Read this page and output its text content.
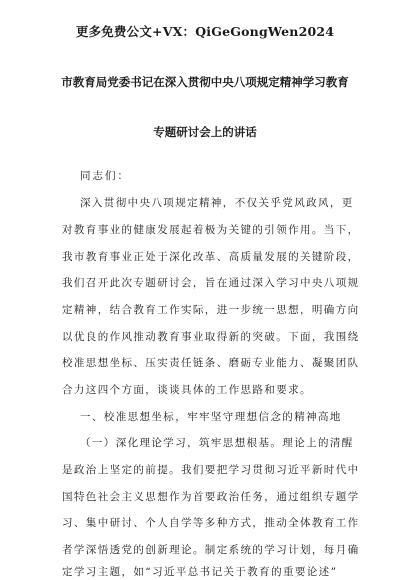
更多免费公文+VX：QiGeGongWen2024
市教育局党委书记在深入贯彻中央八项规定精神学习教育
专题研讨会上的讲话
同志们：
深入贯彻中央八项规定精神，不仅关乎党风政风，更
对教育事业的健康发展起着极为关键的引领作用。当下，
我市教育事业正处于深化改革、高质量发展的关键阶段，
我们召开此次专题研讨会，旨在通过深入学习中央八项规
定精神，结合教育工作实际，进一步统一思想，明确方向
以优良的作风推动教育事业取得新的突破。下面，我围绕
校准思想坐标、压实责任链条、磨砺专业能力、凝聚团队
合力这四个方面，谈谈具体的工作思路和要求。
一、校准思想坐标，牢牢坚守理想信念的精神高地
（一）深化理论学习，筑牢思想根基。理论上的清醒
是政治上坚定的前提。我们要把学习贯彻习近平新时代中
国特色社会主义思想作为首要政治任务，通过组织专题学
习、集中研讨、个人自学等多种方式，推动全体教育工作
者学深悟透党的创新理论。制定系统的学习计划，每月确
定学习主题，如“习近平总书记关于教育的重要论述”
